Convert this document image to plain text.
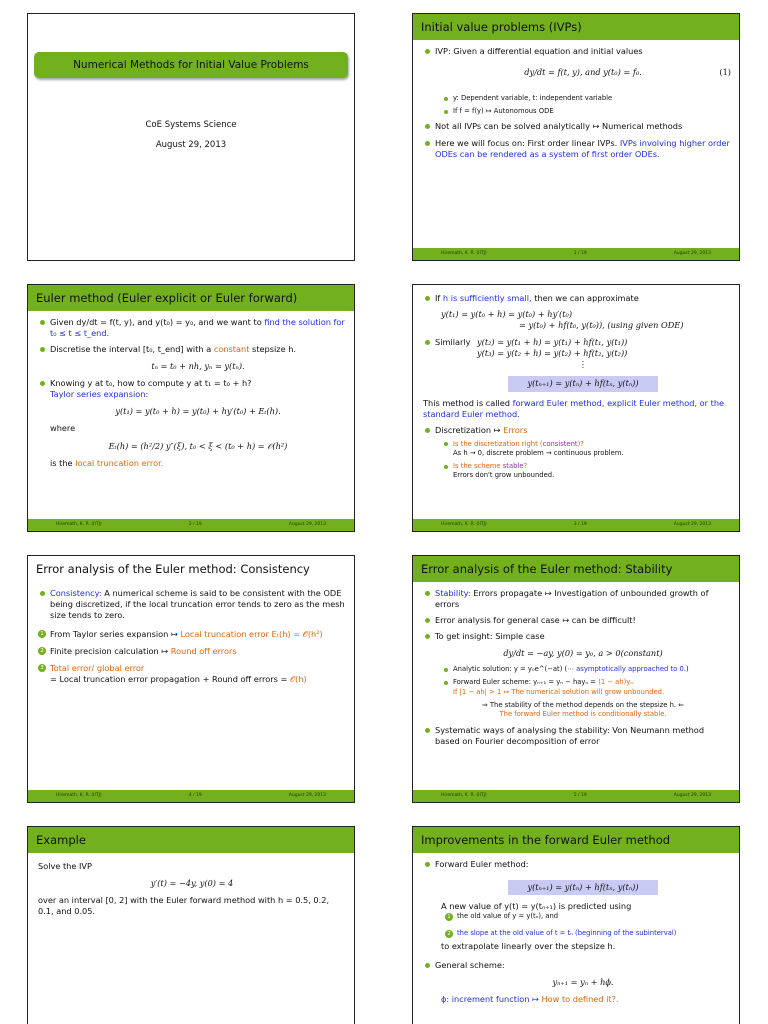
Numerical Methods for Initial Value Problems
CoE Systems Science
August 29, 2013
Initial value problems (IVPs)
IVP: Given a differential equation and initial values
dy/dt = f(t, y), and y(t₀) = f₀.	(1)
y: Dependent variable, t: independent variable
If f = f(y) ↦ Autonomous ODE
Not all IVPs can be solved analytically ↦ Numerical methods
Here we will focus on: First order linear IVPs. IVPs involving higher order ODEs can be rendered as a system of first order ODEs.
Hiremath, K. R. (IITJ)	1 / 19	August 29, 2013
Euler method (Euler explicit or Euler forward)
Given dy/dt = f(t, y), and y(t₀) = y₀, and we want to find the solution for t₀ ≤ t ≤ t_end.
Discretise the interval [t₀, t_end] with a constant stepsize h.
tₙ = t₀ + nh, yₙ = y(tₙ).
Knowing y at t₀, how to compute y at t₁ = t₀ + h?
Taylor series expansion:
y(t₁) = y(t₀ + h) = y(t₀) + hy′(t₀) + Eₜ(h).
where
Eₜ(h) = (h²/2) y″(ξ), t₀ < ξ < (t₀ + h) = 𝒪(h²)
is the local truncation error.
Hiremath, K. R. (IITJ)	2 / 19	August 29, 2013
If h is sufficiently small, then we can approximate
y(t₁) = y(t₀ + h) = y(t₀) + hy′(t₀)
= y(t₀) + hf(t₀, y(t₀)), (using given ODE)
Similarly y(t₂) = y(t₁ + h) = y(t₁) + hf(t₁, y(t₁))
y(t₃) = y(t₂ + h) = y(t₂) + hf(t₂, y(t₂))
⋮
y(tₙ₊₁) = y(tₙ) + hf(tₙ, y(tₙ))
This method is called forward Euler method, explicit Euler method, or the standard Euler method.
Discretization ↦ Errors
Is the discretization right (consistent)?
As h → 0, discrete problem → continuous problem.
Is the scheme stable?
Errors don't grow unbounded.
Hiremath, K. R. (IITJ)	3 / 19	August 29, 2013
Error analysis of the Euler method: Consistency
Consistency: A numerical scheme is said to be consistent with the ODE being discretized, if the local truncation error tends to zero as the mesh size tends to zero.
1 From Taylor series expansion ↦ Local truncation error Eₜ(h) = 𝒪(h²)
2 Finite precision calculation ↦ Round off errors
3 Total error/ global error
= Local truncation error propagation + Round off errors = 𝒪(h)
Hiremath, K. R. (IITJ)	4 / 19	August 29, 2013
Error analysis of the Euler method: Stability
Stability: Errors propagate ↦ Investigation of unbounded growth of errors
Error analysis for general case ↦ can be difficult!
To get insight: Simple case
dy/dt = −ay, y(0) = y₀, a > 0(constant)
Analytic solution: y = y₀e^(−at) (⋯ asymptotically approached to 0.)
Forward Euler scheme: yₙ₊₁ = yₙ − hayₙ = (1 − ah)yₙ
If |1 − ah| > 1 ↦ The numerical solution will grow unbounded.
⇒ The stability of the method depends on the stepsize h. ⇐
The forward Euler method is conditionally stable.
Systematic ways of analysing the stability: Von Neumann method based on Fourier decomposition of error
Hiremath, K. R. (IITJ)	5 / 19	August 29, 2013
Example
Solve the IVP
y′(t) = −4y, y(0) = 4
over an interval [0, 2] with the Euler forward method with h = 0.5, 0.2, 0.1, and 0.05.
Improvements in the forward Euler method
Forward Euler method:
y(tₙ₊₁) = y(tₙ) + hf(tₙ, y(tₙ))
A new value of y(t) = y(tₙ₊₁) is predicted using
1 the old value of y = y(tₙ), and
2 the slope at the old value of t = tₙ (beginning of the subinterval)
to extrapolate linearly over the stepsize h.
General scheme:
yₙ₊₁ = yₙ + hϕ.
ϕ: increment function ↦ How to defined it?.
